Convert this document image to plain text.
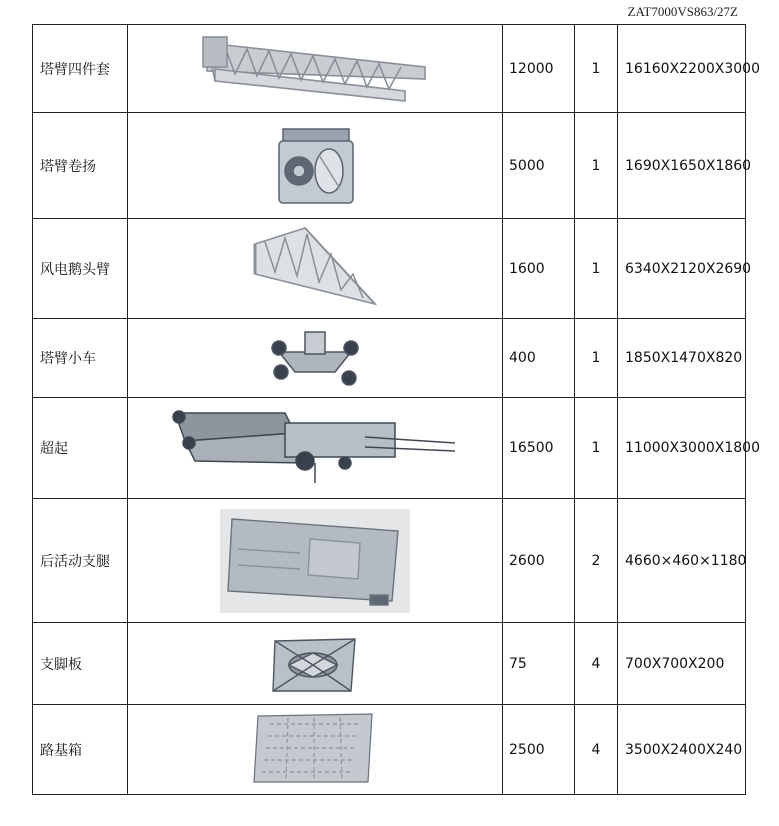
ZAT7000VS863/27Z
塔臂四件套		12000	1	16160X2200X3000
塔臂卷扬		5000	1	1690X1650X1860
风电鹅头臂		1600	1	6340X2120X2690
塔臂小车		400	1	1850X1470X820
超起		16500	1	11000X3000X1800
后活动支腿		2600	2	4660×460×1180
支脚板		75	4	700X700X200
路基箱		2500	4	3500X2400X240
